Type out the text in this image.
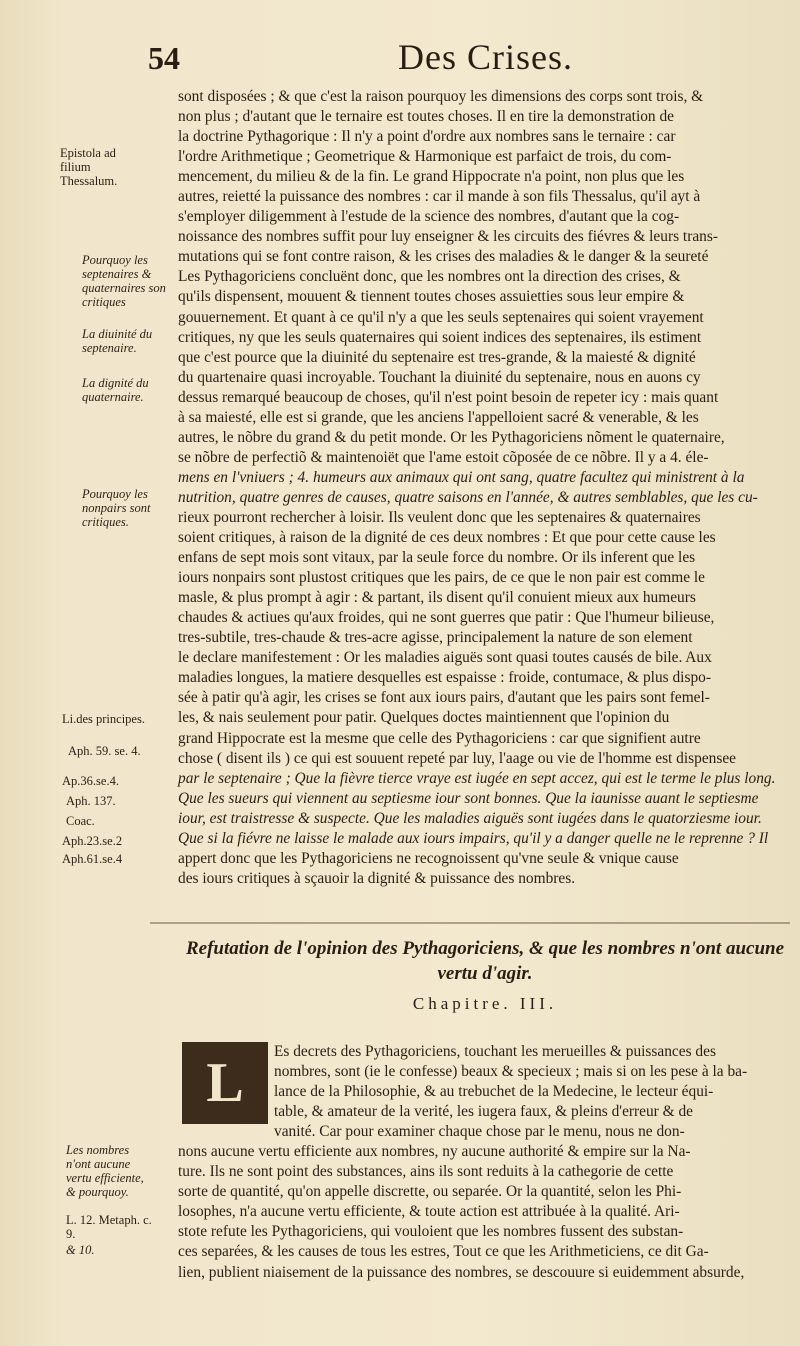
54	Des Crises.

sont disposées ; & que c'est la raison pourquoy les dimensions des corps sont trois, &

non plus ; d'autant que le ternaire est toutes choses. Il en tire la demonstration de

la doctrine Pythagorique : Il n'y a point d'ordre aux nombres sans le ternaire : car

l'ordre Arithmetique ; Geometrique & Harmonique est parfaict de trois, du com-

mencement, du milieu & de la fin. Le grand Hippocrate n'a point, non plus que les

autres, reietté la puissance des nombres : car il mande à son fils Thessalus, qu'il ayt à

s'employer diligemment à l'estude de la science des nombres, d'autant que la cog-

noissance des nombres suffit pour luy enseigner & les circuits des fiévres & leurs trans-

mutations qui se font contre raison, & les crises des maladies & le danger & la seureté

Les Pythagoriciens concluënt donc, que les nombres ont la direction des crises, &

qu'ils dispensent, mouuent & tiennent toutes choses assuietties sous leur empire &

gouuernement. Et quant à ce qu'il n'y a que les seuls septenaires qui soient vrayement

critiques, ny que les seuls quaternaires qui soient indices des septenaires, ils estiment

que c'est pource que la diuinité du septenaire est tres-grande, & la maiesté & dignité

du quartenaire quasi incroyable. Touchant la diuinité du septenaire, nous en auons cy

dessus remarqué beaucoup de choses, qu'il n'est point besoin de repeter icy : mais quant

à sa maiesté, elle est si grande, que les anciens l'appelloient sacré & venerable, & les

autres, le nõbre du grand & du petit monde. Or les Pythagoriciens nõment le quaternaire,

se nõbre de perfectiõ & maintenoiët que l'ame estoit cõposée de ce nõbre. Il y a 4. éle-

mens en l'vniuers ; 4. humeurs aux animaux qui ont sang, quatre facultez qui ministrent à la

nutrition, quatre genres de causes, quatre saisons en l'année, & autres semblables, que les cu-

rieux pourront rechercher à loisir. Ils veulent donc que les septenaires & quaternaires

soient critiques, à raison de la dignité de ces deux nombres : Et que pour cette cause les

enfans de sept mois sont vitaux, par la seule force du nombre. Or ils inferent que les

iours nonpairs sont plustost critiques que les pairs, de ce que le non pair est comme le

masle, & plus prompt à agir : & partant, ils disent qu'il conuient mieux aux humeurs

chaudes & actiues qu'aux froides, qui ne sont guerres que patir : Que l'humeur bilieuse,

tres-subtile, tres-chaude & tres-acre agisse, principalement la nature de son element

le declare manifestement : Or les maladies aiguës sont quasi toutes causés de bile. Aux

maladies longues, la matiere desquelles est espaisse : froide, contumace, & plus dispo-

sée à patir qu'à agir, les crises se font aux iours pairs, d'autant que les pairs sont femel-

les, & nais seulement pour patir. Quelques doctes maintiennent que l'opinion du

grand Hippocrate est la mesme que celle des Pythagoriciens : car que signifient autre

chose ( disent ils ) ce qui est souuent repeté par luy, l'aage ou vie de l'homme est dispensee

par le septenaire ; Que la fièvre tierce vraye est iugée en sept accez, qui est le terme le plus long.

Que les sueurs qui viennent au septiesme iour sont bonnes. Que la iaunisse auant le septiesme

iour, est traistresse & suspecte. Que les maladies aiguës sont iugées dans le quatorziesme iour.

Que si la fiévre ne laisse le malade aux iours impairs, qu'il y a danger quelle ne le reprenne ? Il

appert donc que les Pythagoriciens ne recognoissent qu'vne seule & vnique cause

des iours critiques à sçauoir la dignité & puissance des nombres.

Epistola ad filium Thessalum.
Pourquoy les septenaires & quaternaires son critiques
La diuinité du septenaire.
La dignité du quaternaire.
Pourquoy les nonpairs sont critiques.
Li.des principes.
Aph. 59. se. 4.
Ap.36.se.4.
Aph. 137.
Coac.
Aph.23.se.2
Aph.61.se.4
Les nombres n'ont aucune vertu efficiente, & pourquoy.
L. 12. Metaph. c. 9.
& 10.
Refutation de l'opinion des Pythagoriciens, & que les nombres n'ont aucune vertu d'agir.
Chapitre. III.
L

Es decrets des Pythagoriciens, touchant les merueilles & puissances des

nombres, sont (ie le confesse) beaux & specieux ; mais si on les pese à la ba-

lance de la Philosophie, & au trebuchet de la Medecine, le lecteur équi-

table, & amateur de la verité, les iugera faux, & pleins d'erreur & de

vanité. Car pour examiner chaque chose par le menu, nous ne don-

nons aucune vertu efficiente aux nombres, ny aucune authorité & empire sur la Na-

ture. Ils ne sont point des substances, ains ils sont reduits à la cathegorie de cette

sorte de quantité, qu'on appelle discrette, ou separée. Or la quantité, selon les Phi-

losophes, n'a aucune vertu efficiente, & toute action est attribuée à la qualité. Ari-

stote refute les Pythagoriciens, qui vouloient que les nombres fussent des substan-

ces separées, & les causes de tous les estres, Tout ce que les Arithmeticiens, ce dit Ga-

lien, publient niaisement de la puissance des nombres, se descouure si euidemment absurde,
